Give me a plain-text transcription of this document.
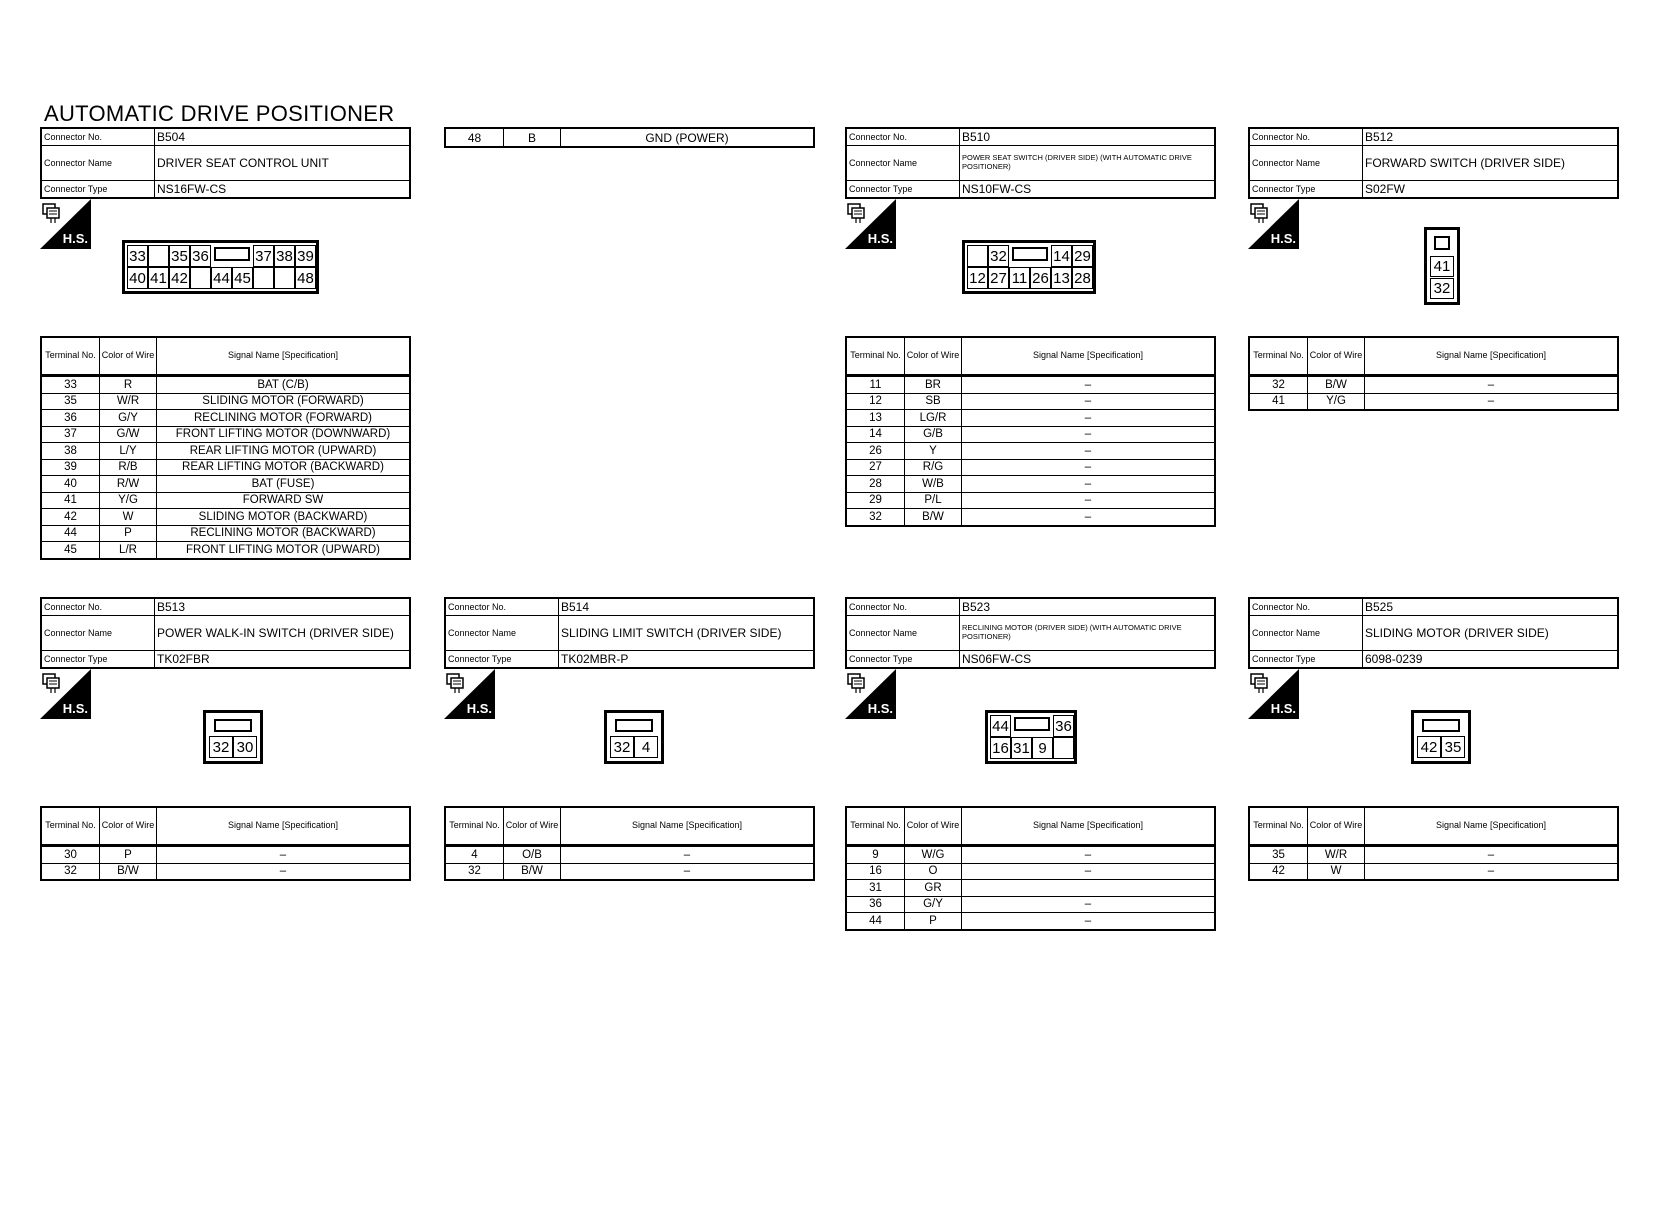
AUTOMATIC DRIVE POSITIONER
48	B	GND (POWER)
Connector No.	B504
Connector Name	DRIVER SEAT CONTROL UNIT
Connector Type	NS16FW-CS
H.S.
33 35 36	37 38 39
40 41 42 44 45	48
Terminal No.	Color of Wire	Signal Name [Specification]
33	R	BAT (C/B)
35	W/R	SLIDING MOTOR (FORWARD)
36	G/Y	RECLINING MOTOR (FORWARD)
37	G/W	FRONT LIFTING MOTOR (DOWNWARD)
38	L/Y	REAR LIFTING MOTOR (UPWARD)
39	R/B	REAR LIFTING MOTOR (BACKWARD)
40	R/W	BAT (FUSE)
41	Y/G	FORWARD SW
42	W	SLIDING MOTOR (BACKWARD)
44	P	RECLINING MOTOR (BACKWARD)
45	L/R	FRONT LIFTING MOTOR (UPWARD)
Connector No.	B510
Connector Name	POWER SEAT SWITCH (DRIVER SIDE) (WITH AUTOMATIC DRIVE POSITIONER)
Connector Type	NS10FW-CS
H.S.
32	14 29
12 27 11 26 13 28
Terminal No.	Color of Wire	Signal Name [Specification]
11	BR	–
12	SB	–
13	LG/R	–
14	G/B	–
26	Y	–
27	R/G	–
28	W/B	–
29	P/L	–
32	B/W	–
Connector No.	B512
Connector Name	FORWARD SWITCH (DRIVER SIDE)
Connector Type	S02FW
H.S.
41
32
Terminal No.	Color of Wire	Signal Name [Specification]
32	B/W	–
41	Y/G	–
Connector No.	B513
Connector Name	POWER WALK-IN SWITCH (DRIVER SIDE)
Connector Type	TK02FBR
H.S.
32 30
Terminal No.	Color of Wire	Signal Name [Specification]
30	P	–
32	B/W	–
Connector No.	B514
Connector Name	SLIDING LIMIT SWITCH (DRIVER SIDE)
Connector Type	TK02MBR-P
H.S.
32 4
Terminal No.	Color of Wire	Signal Name [Specification]
4	O/B	–
32	B/W	–
Connector No.	B523
Connector Name	RECLINING MOTOR (DRIVER SIDE) (WITH AUTOMATIC DRIVE POSITIONER)
Connector Type	NS06FW-CS
H.S.
44	36
16 31 9
Terminal No.	Color of Wire	Signal Name [Specification]
9	W/G	–
16	O	–
31	GR	
36	G/Y	–
44	P	–
Connector No.	B525
Connector Name	SLIDING MOTOR (DRIVER SIDE)
Connector Type	6098-0239
H.S.
42 35
Terminal No.	Color of Wire	Signal Name [Specification]
35	W/R	–
42	W	–
